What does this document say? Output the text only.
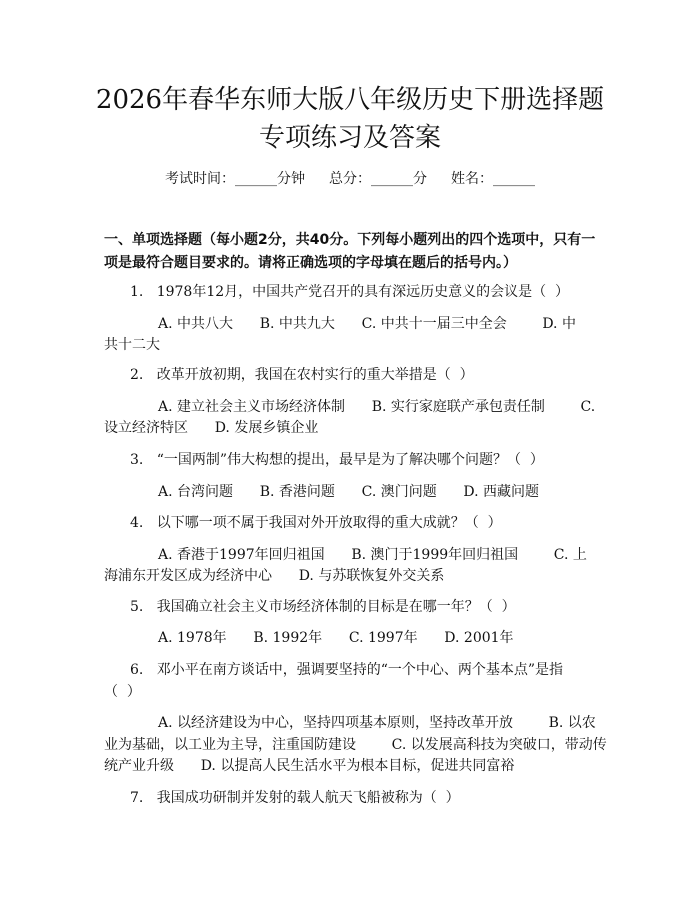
2026年春华东师大版八年级历史下册选择题
专项练习及答案
考试时间：______分钟 总分：______分 姓名：______
一、单项选择题（每小题2分，共40分。下列每小题列出的四个选项中，只有一
项是最符合题目要求的。请将正确选项的字母填在题后的括号内。）
1.   1978年12月，中国共产党召开的具有深远历史意义的会议是（  ）
A. 中共八大      B. 中共九大      C. 中共十一届三中全会        D. 中
共十二大
2.   改革开放初期，我国在农村实行的重大举措是（  ）
A. 建立社会主义市场经济体制      B. 实行家庭联产承包责任制        C.
设立经济特区      D. 发展乡镇企业
3.   “一国两制”伟大构想的提出，最早是为了解决哪个问题？（  ）
A. 台湾问题      B. 香港问题      C. 澳门问题      D. 西藏问题
4.   以下哪一项不属于我国对外开放取得的重大成就？（  ）
A. 香港于1997年回归祖国      B. 澳门于1999年回归祖国        C. 上
海浦东开发区成为经济中心      D. 与苏联恢复外交关系
5.   我国确立社会主义市场经济体制的目标是在哪一年？（  ）
A. 1978年      B. 1992年      C. 1997年      D. 2001年
6.   邓小平在南方谈话中，强调要坚持的“一个中心、两个基本点”是指
（  ）
A. 以经济建设为中心，坚持四项基本原则，坚持改革开放        B. 以农
业为基础，以工业为主导，注重国防建设        C. 以发展高科技为突破口，带动传
统产业升级      D. 以提高人民生活水平为根本目标，促进共同富裕
7.   我国成功研制并发射的载人航天飞船被称为（  ）
